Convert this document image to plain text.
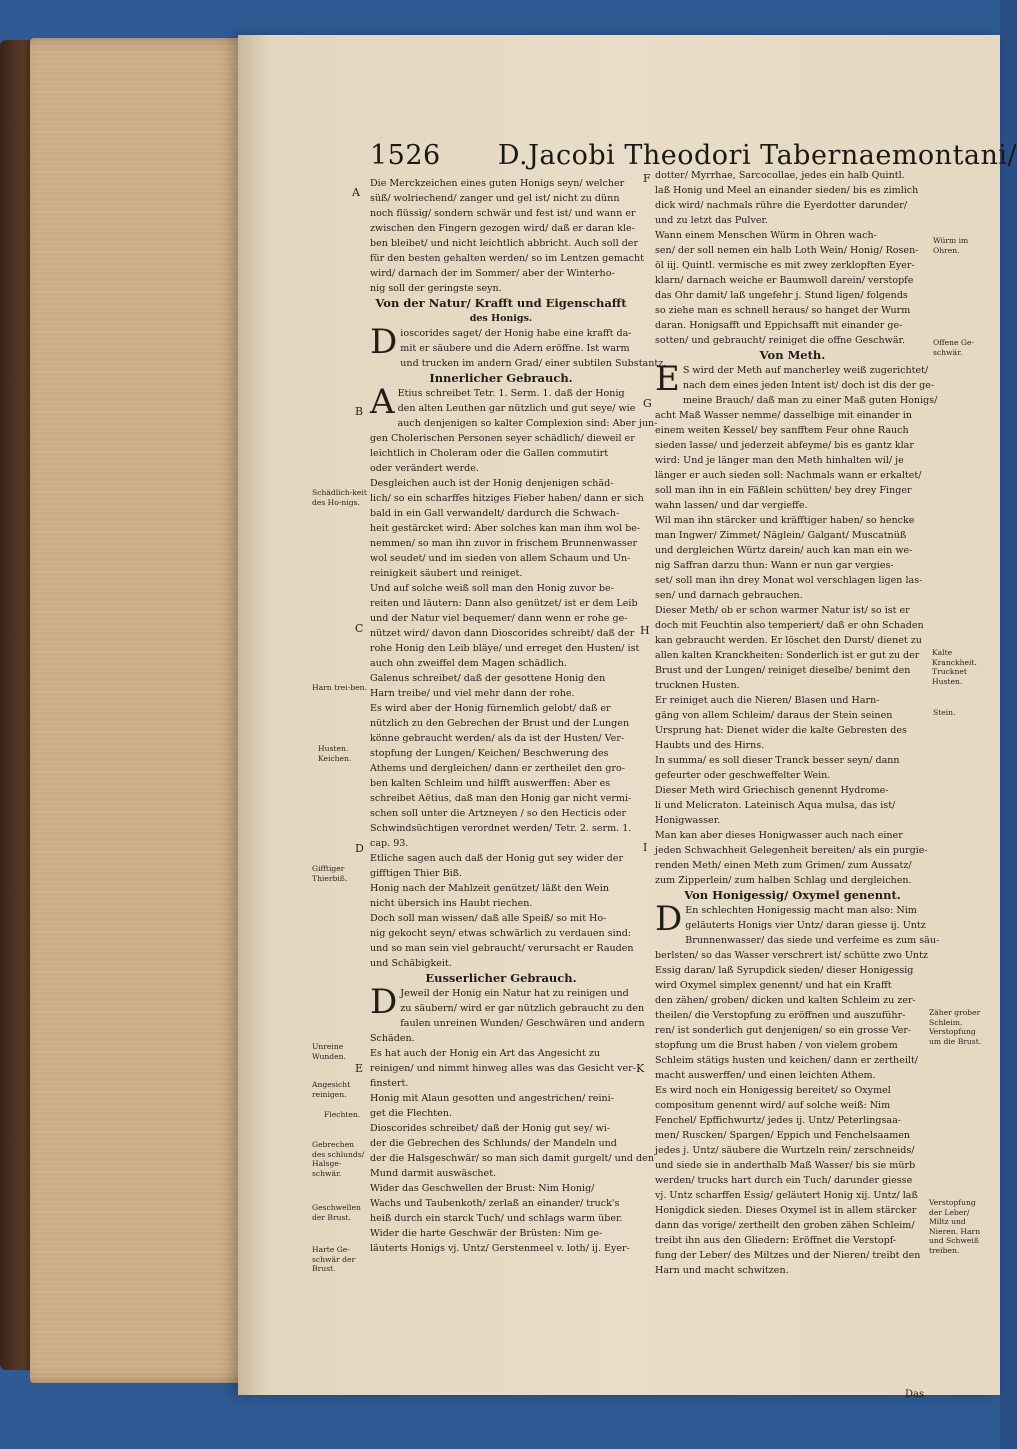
1526 D.Jacobi Theodori Tabernaemontani/
A
B
C
D
E
F
G
H
I
K

Die Merckzeichen eines guten Honigs seyn/ welcher
süß/ wolriechend/ zanger und gel ist/ nicht zu dünn
noch flüssig/ sondern schwär und fest ist/ und wann er
zwischen den Fingern gezogen wird/ daß er daran kle-
ben bleibet/ und nicht leichtlich abbricht. Auch soll der
für den besten gehalten werden/ so im Lentzen gemacht
wird/ darnach der im Sommer/ aber der Winterho-
nig soll der geringste seyn.

Von der Natur/ Krafft und Eigenschafft
des Honigs.

D ioscorides saget/ der Honig habe eine krafft da-
mit er säubere und die Adern eröffne. Ist warm
und trucken im andern Grad/ einer subtilen Substantz.

Innerlicher Gebrauch.

A Etius schreibet Tetr. 1. Serm. 1. daß der Honig
den alten Leuthen gar nützlich und gut seye/ wie
auch denjenigen so kalter Complexion sind: Aber jun-
gen Cholerischen Personen seyer schädlich/ dieweil er
leichtlich in Choleram oder die Gallen commutirt
oder verändert werde.

Desgleichen auch ist der Honig denjenigen schäd-
lich/ so ein scharffes hitziges Fieber haben/ dann er sich
bald in ein Gall verwandelt/ dardurch die Schwach-
heit gestärcket wird: Aber solches kan man ihm wol be-
nemmen/ so man ihn zuvor in frischem Brunnenwasser
wol seudet/ und im sieden von allem Schaum und Un-
reinigkeit säubert und reiniget.

Und auf solche weiß soll man den Honig zuvor be-
reiten und läutern: Dann also genützet/ ist er dem Leib
und der Natur viel bequemer/ dann wenn er rohe ge-
nützet wird/ davon dann Dioscorides schreibt/ daß der
rohe Honig den Leib bläye/ und erreget den Husten/ ist
auch ohn zweiffel dem Magen schädlich.

Galenus schreibet/ daß der gesottene Honig den
Harn treibe/ und viel mehr dann der rohe.

Es wird aber der Honig fürnemlich gelobt/ daß er
nützlich zu den Gebrechen der Brust und der Lungen
könne gebraucht werden/ als da ist der Husten/ Ver-
stopfung der Lungen/ Keichen/ Beschwerung des
Athems und dergleichen/ dann er zertheilet den gro-
ben kalten Schleim und hilfft auswerffen: Aber es
schreibet Aëtius, daß man den Honig gar nicht vermi-
schen soll unter die Artzneyen / so den Hecticis oder
Schwindsüchtigen verordnet werden/ Tetr. 2. serm. 1.
cap. 93.

Etliche sagen auch daß der Honig gut sey wider der
gifftigen Thier Biß.

Honig nach der Mahlzeit genützet/ läßt den Wein
nicht übersich ins Haubt riechen.

Doch soll man wissen/ daß alle Speiß/ so mit Ho-
nig gekocht seyn/ etwas schwärlich zu verdauen sind:
und so man sein viel gebraucht/ verursacht er Rauden
und Schäbigkeit.

Eusserlicher Gebrauch.

D Jeweil der Honig ein Natur hat zu reinigen und
zu säubern/ wird er gar nützlich gebraucht zu den
faulen unreinen Wunden/ Geschwären und andern
Schäden.

Es hat auch der Honig ein Art das Angesicht zu
reinigen/ und nimmt hinweg alles was das Gesicht ver-
finstert.

Honig mit Alaun gesotten und angestrichen/ reini-
get die Flechten.

Dioscorides schreibet/ daß der Honig gut sey/ wi-
der die Gebrechen des Schlunds/ der Mandeln und
der die Halsgeschwär/ so man sich damit gurgelt/ und den
Mund darmit auswäschet.

Wider das Geschwellen der Brust: Nim Honig/
Wachs und Taubenkoth/ zerlaß an einander/ truck's
heiß durch ein starck Tuch/ und schlags warm über.

Wider die harte Geschwär der Brüsten: Nim ge-
läuterts Honigs vj. Untz/ Gerstenmeel v. loth/ ij. Eyer-

dotter/ Myrrhae, Sarcocollae, jedes ein halb Quintl.
laß Honig und Meel an einander sieden/ bis es zimlich
dick wird/ nachmals rühre die Eyerdotter darunder/
und zu letzt das Pulver.

Wann einem Menschen Würm in Ohren wach-
sen/ der soll nemen ein halb Loth Wein/ Honig/ Rosen-
öl iij. Quintl. vermische es mit zwey zerklopften Eyer-
klarn/ darnach weiche er Baumwoll darein/ verstopfe
das Ohr damit/ laß ungefehr j. Stund ligen/ folgends
so ziehe man es schnell heraus/ so hanget der Wurm
daran. Honigsafft und Eppichsafft mit einander ge-
sotten/ und gebraucht/ reiniget die offne Geschwär.

Von Meth.

E S wird der Meth auf mancherley weiß zugerichtet/
nach dem eines jeden Intent ist/ doch ist dis der ge-
meine Brauch/ daß man zu einer Maß guten Honigs/
acht Maß Wasser nemme/ dasselbige mit einander in
einem weiten Kessel/ bey sanfftem Feur ohne Rauch
sieden lasse/ und jederzeit abfeyme/ bis es gantz klar
wird: Und je länger man den Meth hinhalten wil/ je
länger er auch sieden soll: Nachmals wann er erkaltet/
soll man ihn in ein Fäßlein schütten/ bey drey Finger
wahn lassen/ und dar vergieffe.

Wil man ihn stärcker und kräfftiger haben/ so hencke
man Ingwer/ Zimmet/ Näglein/ Galgant/ Muscatnüß
und dergleichen Würtz darein/ auch kan man ein we-
nig Saffran darzu thun: Wann er nun gar vergies-
set/ soll man ihn drey Monat wol verschlagen ligen las-
sen/ und darnach gebrauchen.

Dieser Meth/ ob er schon warmer Natur ist/ so ist er
doch mit Feuchtin also temperiert/ daß er ohn Schaden
kan gebraucht werden. Er löschet den Durst/ dienet zu
allen kalten Kranckheiten: Sonderlich ist er gut zu der
Brust und der Lungen/ reiniget dieselbe/ benimt den
trucknen Husten.

Er reiniget auch die Nieren/ Blasen und Harn-
gäng von allem Schleim/ daraus der Stein seinen
Ursprung hat: Dienet wider die kalte Gebresten des
Haubts und des Hirns.

In summa/ es soll dieser Tranck besser seyn/ dann
gefeurter oder geschweffelter Wein.

Dieser Meth wird Griechisch genennt Hydrome-
li und Melicraton. Lateinisch Aqua mulsa, das ist/
Honigwasser.

Man kan aber dieses Honigwasser auch nach einer
jeden Schwachheit Gelegenheit bereiten/ als ein purgie-
renden Meth/ einen Meth zum Grimen/ zum Aussatz/
zum Zipperlein/ zum halben Schlag und dergleichen.

Von Honigessig/ Oxymel genennt.

D En schlechten Honigessig macht man also: Nim
geläuterts Honigs vier Untz/ daran giesse ij. Untz
Brunnenwasser/ das siede und verfeime es zum säu-
berlsten/ so das Wasser verschrert ist/ schütte zwo Untz
Essig daran/ laß Syrupdick sieden/ dieser Honigessig
wird Oxymel simplex genennt/ und hat ein Krafft
den zähen/ groben/ dicken und kalten Schleim zu zer-
theilen/ die Verstopfung zu eröffnen und auszuführ-
ren/ ist sonderlich gut denjenigen/ so ein grosse Ver-
stopfung um die Brust haben / von vielem grobem
Schleim stätigs husten und keichen/ dann er zertheilt/
macht auswerffen/ und einen leichten Athem.

Es wird noch ein Honigessig bereitet/ so Oxymel
compositum genennt wird/ auf solche weiß: Nim
Fenchel/ Epffichwurtz/ jedes ij. Untz/ Peterlingsaa-
men/ Ruscken/ Spargen/ Eppich und Fenchelsaamen
jedes j. Untz/ säubere die Wurtzeln rein/ zerschneids/
und siede sie in anderthalb Maß Wasser/ bis sie mürb
werden/ trucks hart durch ein Tuch/ darunder giesse
vj. Untz scharffen Essig/ geläutert Honig xij. Untz/ laß
Honigdick sieden. Dieses Oxymel ist in allem stärcker
dann das vorige/ zertheilt den groben zähen Schleim/
treibt ihn aus den Gliedern: Eröffnet die Verstopf-
fung der Leber/ des Miltzes und der Nieren/ treibt den
Harn und macht schwitzen.

Schädlich-keit des Ho-nigs.
Harn trei-ben.
Husten. Keichen.
Gifftiger Thierbiß.
Unreine Wunden.
Angesicht reinigen.
Flechten.
Gebrechen des schlunds/ Halsge-schwär.
Geschwellen der Brust.
Harte Ge-schwär der Brust.
Würm im Ohren.
Offene Ge-schwär.
Kalte Kranckheit. Trucknet Husten.
Stein.
Zäher grober Schleim. Verstopfung um die Brust.
Verstopfung der Leber/ Miltz und Nieren. Harn und Schweiß treiben.
Das
